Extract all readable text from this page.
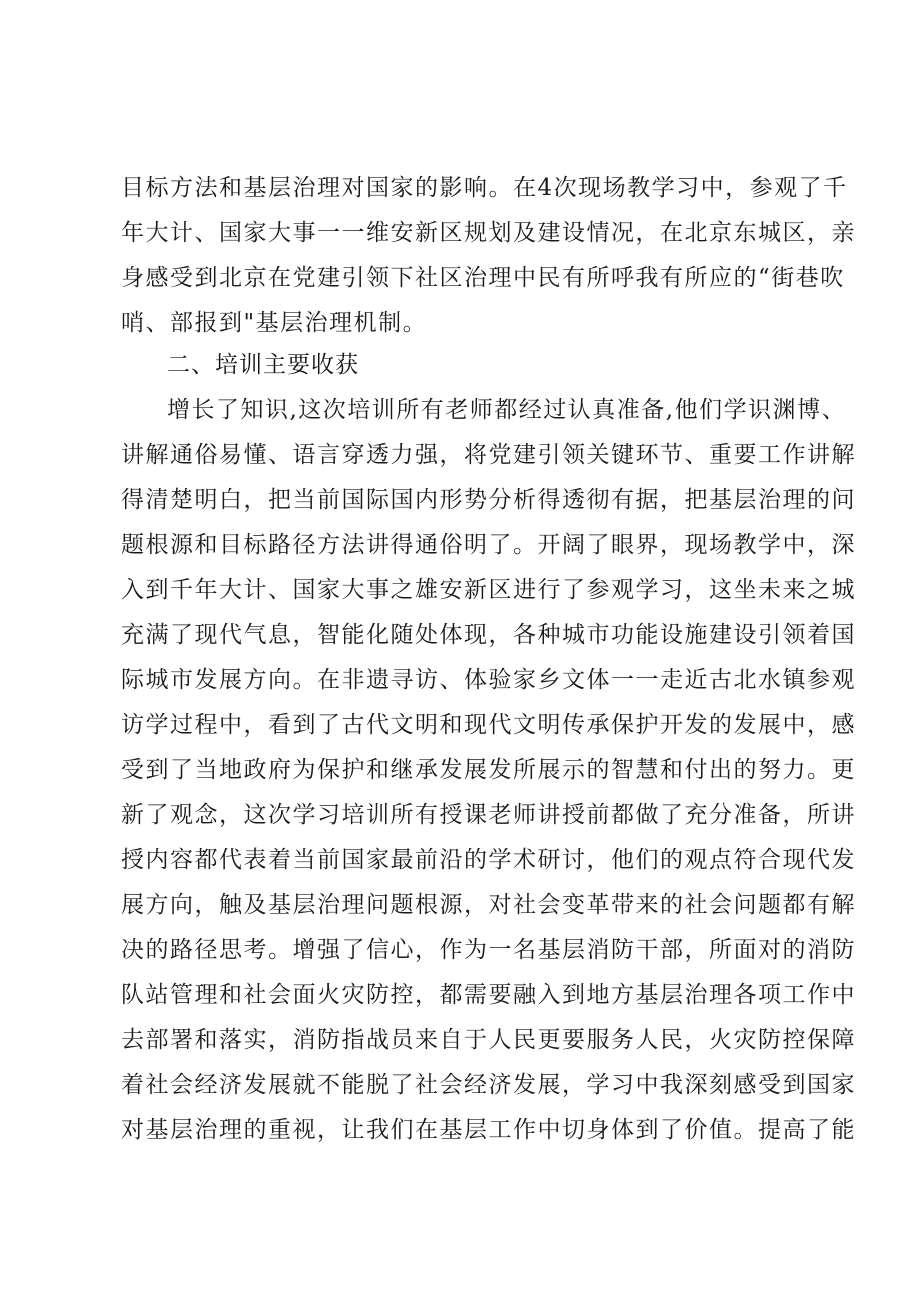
目标方法和基层治理对国家的影响。在4次现场教学习中，参观了千
年大计、国家大事一一维安新区规划及建设情况，在北京东城区，亲
身感受到北京在党建引领下社区治理中民有所呼我有所应的“街巷吹
哨、部报到"基层治理机制。
二、培训主要收获
增长了知识,这次培训所有老师都经过认真准备,他们学识渊博、
讲解通俗易懂、语言穿透力强，将党建引领关键环节、重要工作讲解
得清楚明白，把当前国际国内形势分析得透彻有据，把基层治理的问
题根源和目标路径方法讲得通俗明了。开阔了眼界，现场教学中，深
入到千年大计、国家大事之雄安新区进行了参观学习，这坐未来之城
充满了现代气息，智能化随处体现，各种城市功能设施建设引领着国
际城市发展方向。在非遗寻访、体验家乡文体一一走近古北水镇参观
访学过程中，看到了古代文明和现代文明传承保护开发的发展中，感
受到了当地政府为保护和继承发展发所展示的智慧和付出的努力。更
新了观念，这次学习培训所有授课老师讲授前都做了充分准备，所讲
授内容都代表着当前国家最前沿的学术研讨，他们的观点符合现代发
展方向，触及基层治理问题根源，对社会变革带来的社会问题都有解
决的路径思考。增强了信心，作为一名基层消防干部，所面对的消防
队站管理和社会面火灾防控，都需要融入到地方基层治理各项工作中
去部署和落实，消防指战员来自于人民更要服务人民，火灾防控保障
着社会经济发展就不能脱了社会经济发展，学习中我深刻感受到国家
对基层治理的重视，让我们在基层工作中切身体到了价值。提高了能
